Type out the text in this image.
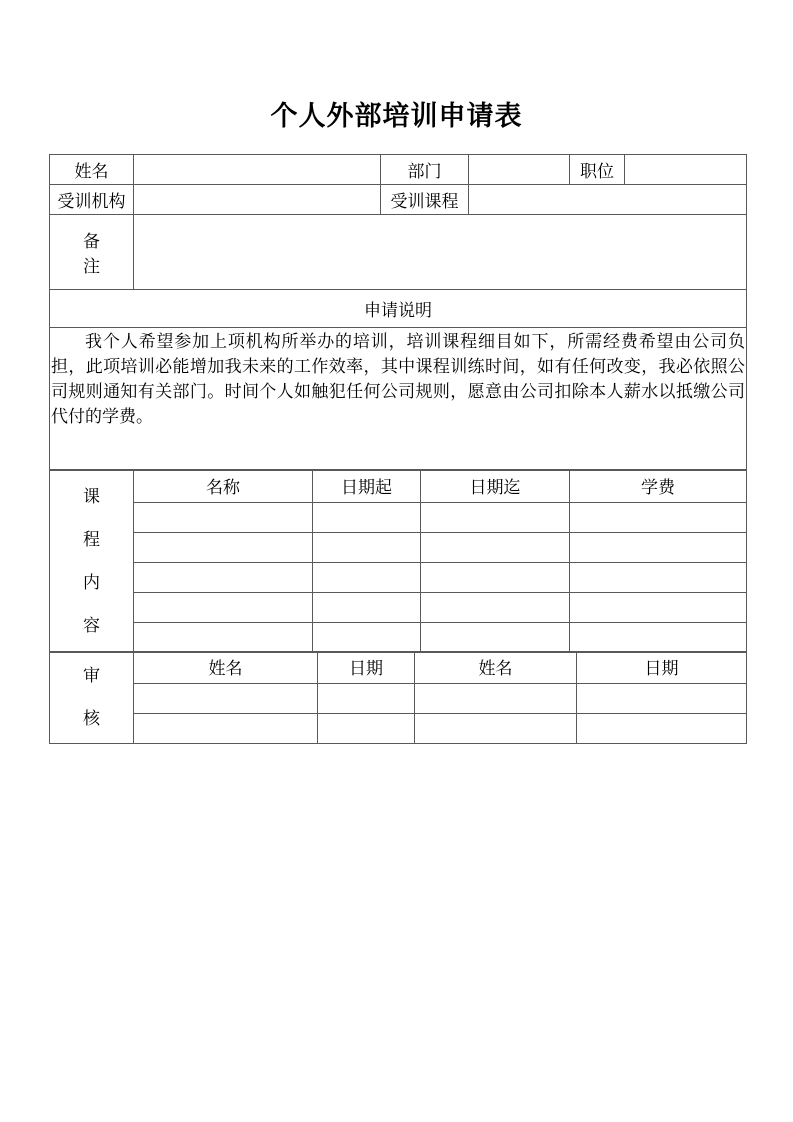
个人外部培训申请表
姓名		部门		职位	
受训机构		受训课程			
备 注					
申请说明					

我个人希望参加上项机构所举办的培训，培训课程细目如下，所需经费希望由公司负担，此项培训必能增加我未来的工作效率，其中课程训练时间，如有任何改变，我必依照公司规则通知有关部门。时间个人如触犯任何公司规则，愿意由公司扣除本人薪水以抵缴公司代付的学费。					
课
程
内
容	名称	日期起	日期迄	学费

审
核	姓名	日期	姓名	日期
